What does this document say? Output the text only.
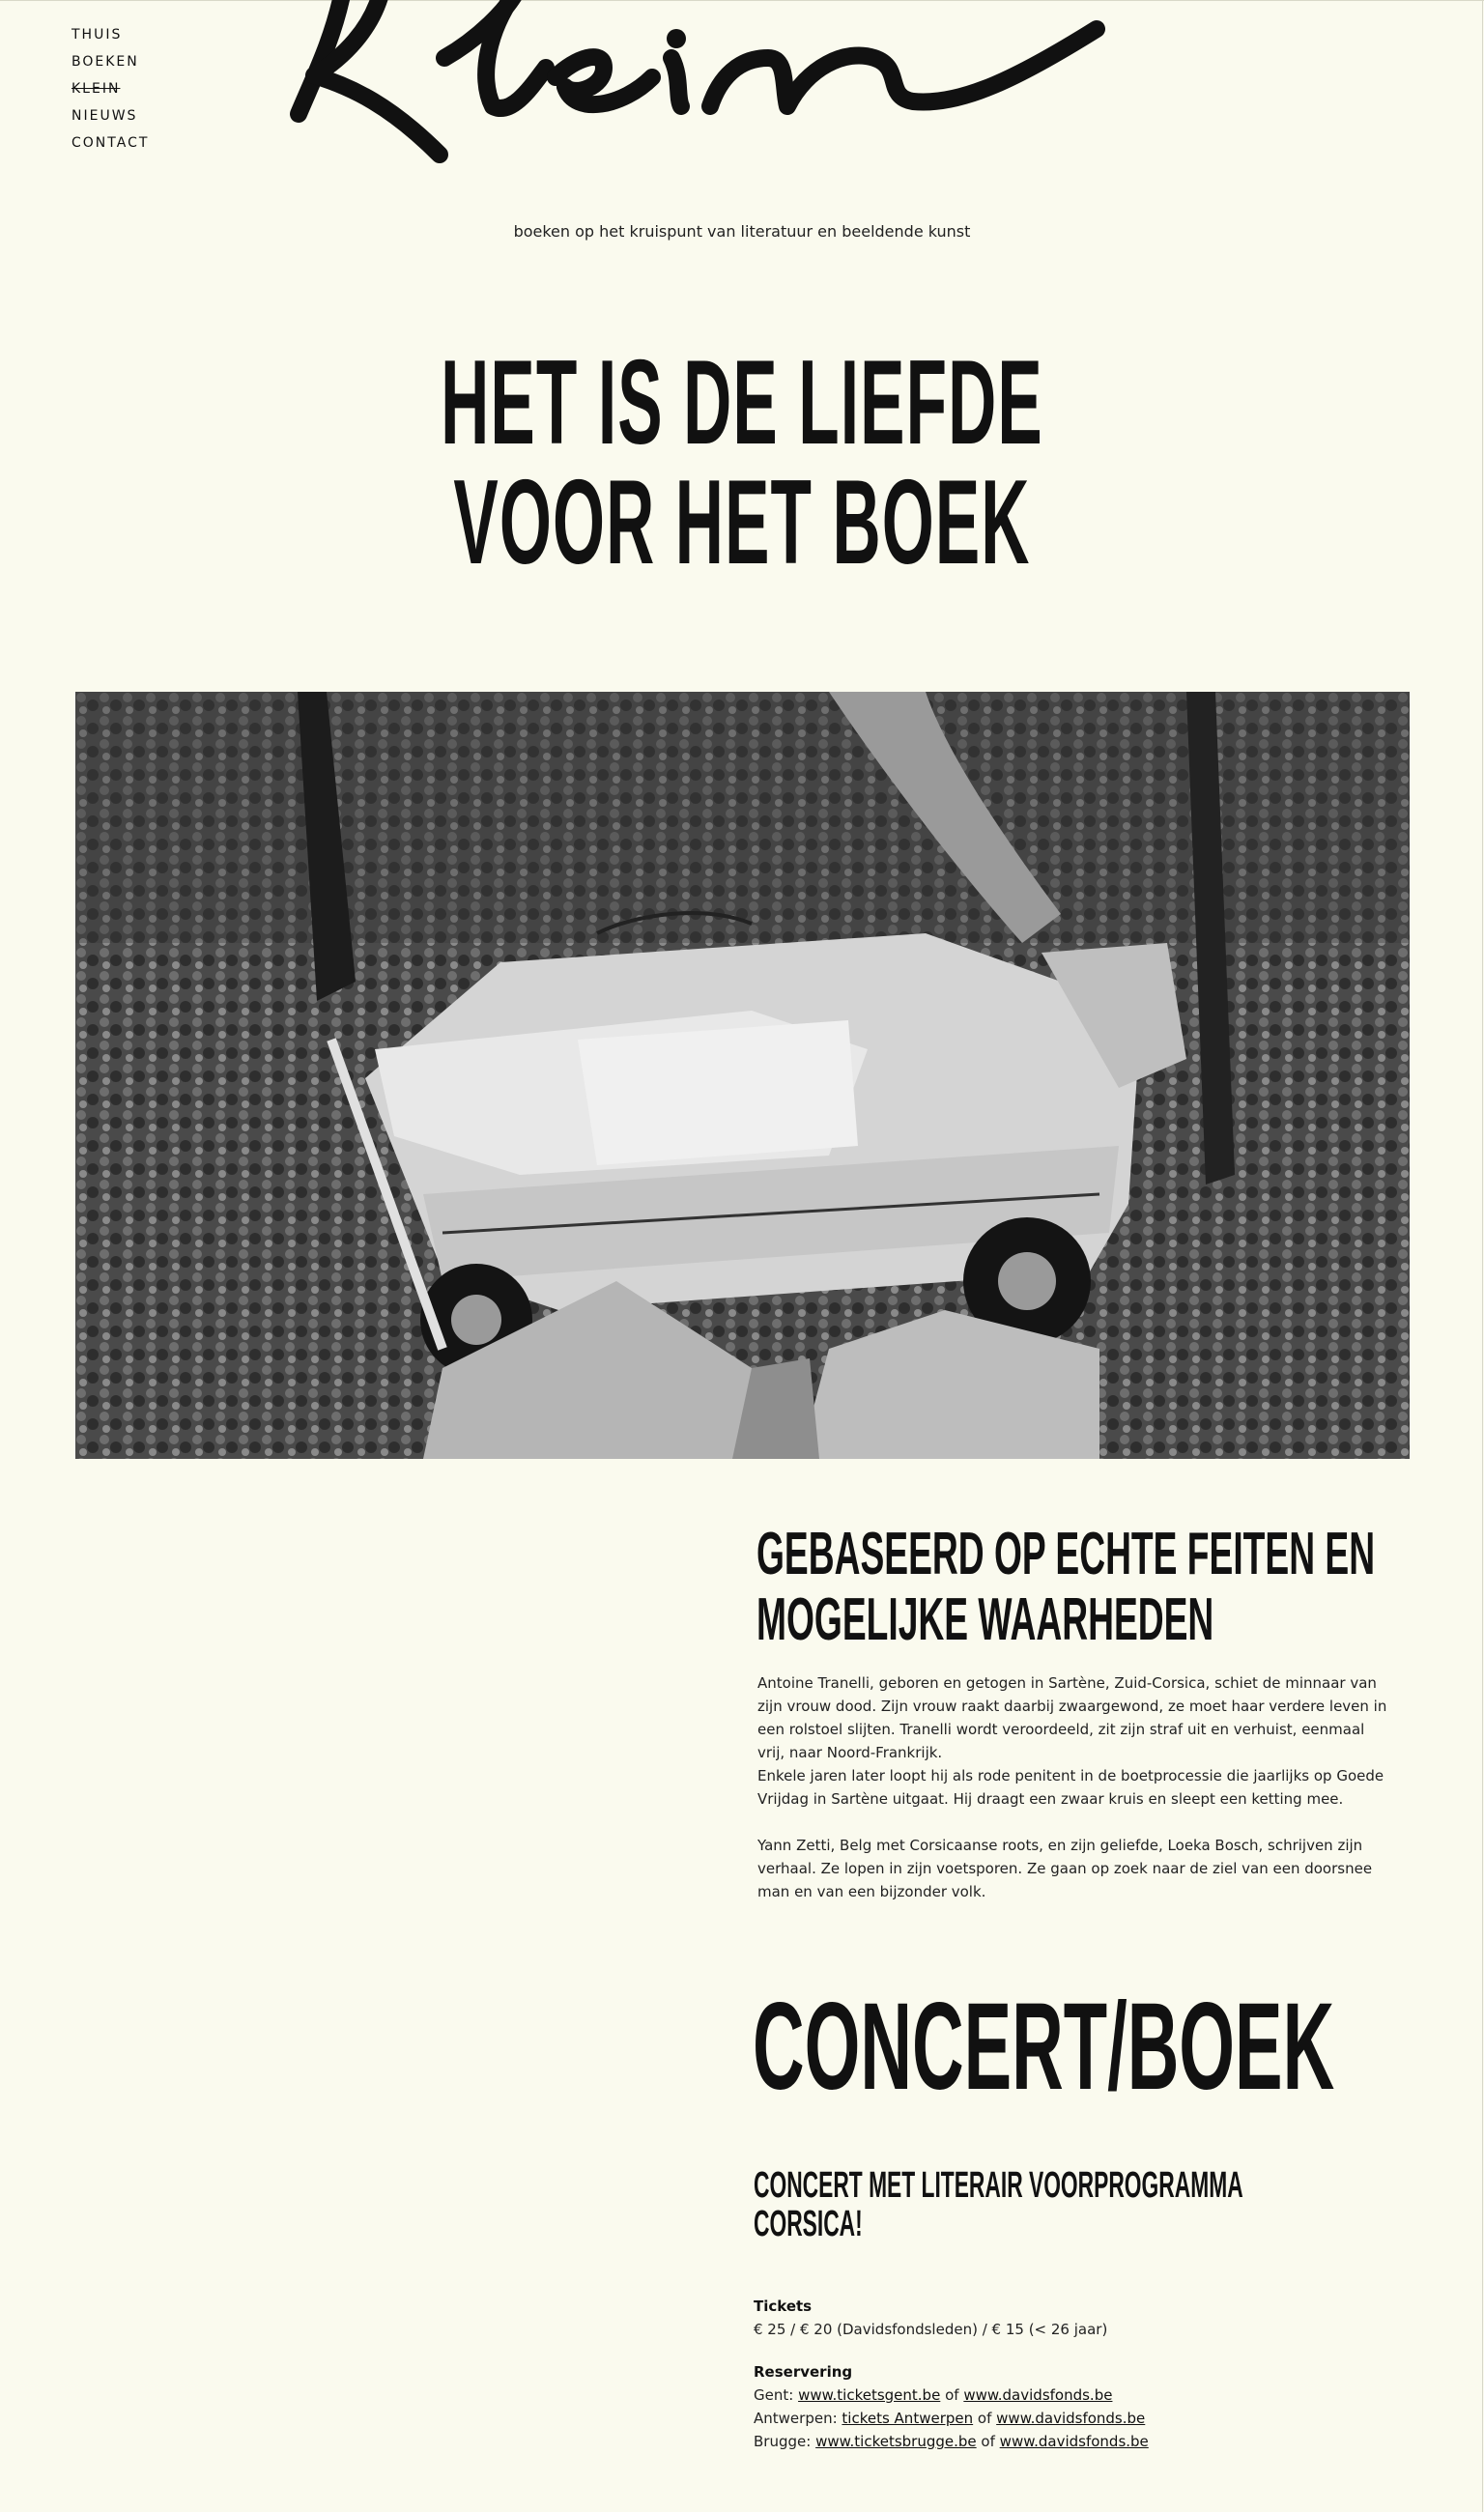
THUIS
BOEKEN
KLEIN
NIEUWS
CONTACT
boeken op het kruispunt van literatuur en beeldende kunst
HET IS DE LIEFDE
VOOR HET BOEK
GEBASEERD OP ECHTE FEITEN EN
MOGELIJKE WAARHEDEN

Antoine Tranelli, geboren en getogen in Sartène, Zuid-Corsica, schiet de minnaar van zijn vrouw dood. Zijn vrouw raakt daarbij zwaargewond, ze moet haar verdere leven in een rolstoel slijten. Tranelli wordt veroordeeld, zit zijn straf uit en verhuist, eenmaal vrij, naar Noord-Frankrijk.

Enkele jaren later loopt hij als rode penitent in de boetprocessie die jaarlijks op Goede Vrijdag in Sartène uitgaat. Hij draagt een zwaar kruis en sleept een ketting mee.

Yann Zetti, Belg met Corsicaanse roots, en zijn geliefde, Loeka Bosch, schrijven zijn verhaal. Ze lopen in zijn voetsporen. Ze gaan op zoek naar de ziel van een doorsnee man en van een bijzonder volk.

CONCERT/BOEK
CONCERT MET LITERAIR VOORPROGRAMMA
CORSICA!
Tickets
€ 25 / € 20 (Davidsfondsleden) / € 15 (< 26 jaar)
Reservering
Gent: www.ticketsgent.be of www.davidsfonds.be
Antwerpen: tickets Antwerpen of www.davidsfonds.be
Brugge: www.ticketsbrugge.be of www.davidsfonds.be
